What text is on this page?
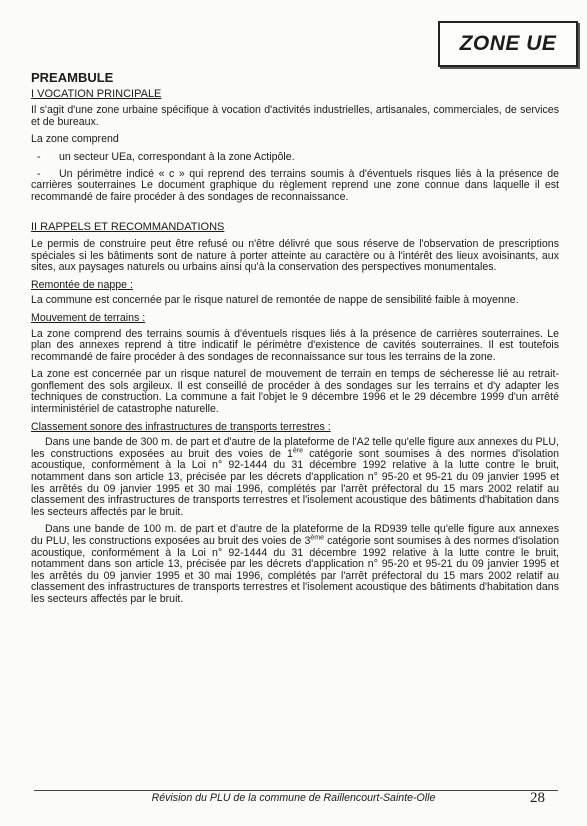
ZONE UE
PREAMBULE
I VOCATION PRINCIPALE

Il s'agit d'une zone urbaine spécifique à vocation d'activités industrielles, artisanales, commerciales, de services et de bureaux.

La zone comprend

- un secteur UEa, correspondant à la zone Actipôle.
- Un périmètre indicé « c » qui reprend des terrains soumis à d'éventuels risques liés à la présence de carrières souterraines Le document graphique du règlement reprend une zone connue dans laquelle il est recommandé de faire procéder à des sondages de reconnaissance.
II RAPPELS ET RECOMMANDATIONS

Le permis de construire peut être refusé ou n'être délivré que sous réserve de l'observation de prescriptions spéciales si les bâtiments sont de nature à porter atteinte au caractère ou à l'intérêt des lieux avoisinants, aux sites, aux paysages naturels ou urbains ainsi qu'à la conservation des perspectives monumentales.

Remontée de nappe :

La commune est concernée par le risque naturel de remontée de nappe de sensibilité faible à moyenne.

Mouvement de terrains :

La zone comprend des terrains soumis à d'éventuels risques liés à la présence de carrières souterraines. Le plan des annexes reprend à titre indicatif le périmètre d'existence de cavités souterraines. Il est toutefois recommandé de faire procéder à des sondages de reconnaissance sur tous les terrains de la zone.

La zone est concernée par un risque naturel de mouvement de terrain en temps de sécheresse lié au retrait-gonflement des sols argileux. Il est conseillé de procéder à des sondages sur les terrains et d'y adapter les techniques de construction. La commune a fait l'objet le 9 décembre 1996 et le 29 décembre 1999 d'un arrêté interministériel de catastrophe naturelle.

Classement sonore des infrastructures de transports terrestres :

Dans une bande de 300 m. de part et d'autre de la plateforme de l'A2 telle qu'elle figure aux annexes du PLU, les constructions exposées au bruit des voies de 1ère catégorie sont soumises à des normes d'isolation acoustique, conformément à la Loi n° 92-1444 du 31 décembre 1992 relative à la lutte contre le bruit, notamment dans son article 13, précisée par les décrets d'application n° 95-20 et 95-21 du 09 janvier 1995 et les arrêtés du 09 janvier 1995 et 30 mai 1996, complétés par l'arrêt préfectoral du 15 mars 2002 relatif au classement des infrastructures de transports terrestres et l'isolement acoustique des bâtiments d'habitation dans les secteurs affectés par le bruit.

Dans une bande de 100 m. de part et d'autre de la plateforme de la RD939 telle qu'elle figure aux annexes du PLU, les constructions exposées au bruit des voies de 3ème catégorie sont soumises à des normes d'isolation acoustique, conformément à la Loi n° 92-1444 du 31 décembre 1992 relative à la lutte contre le bruit, notamment dans son article 13, précisée par les décrets d'application n° 95-20 et 95-21 du 09 janvier 1995 et les arrêtés du 09 janvier 1995 et 30 mai 1996, complétés par l'arrêt préfectoral du 15 mars 2002 relatif au classement des infrastructures de transports terrestres et l'isolement acoustique des bâtiments d'habitation dans les secteurs affectés par le bruit.

Révision du PLU de la commune de Raillencourt-Sainte-Olle	28
